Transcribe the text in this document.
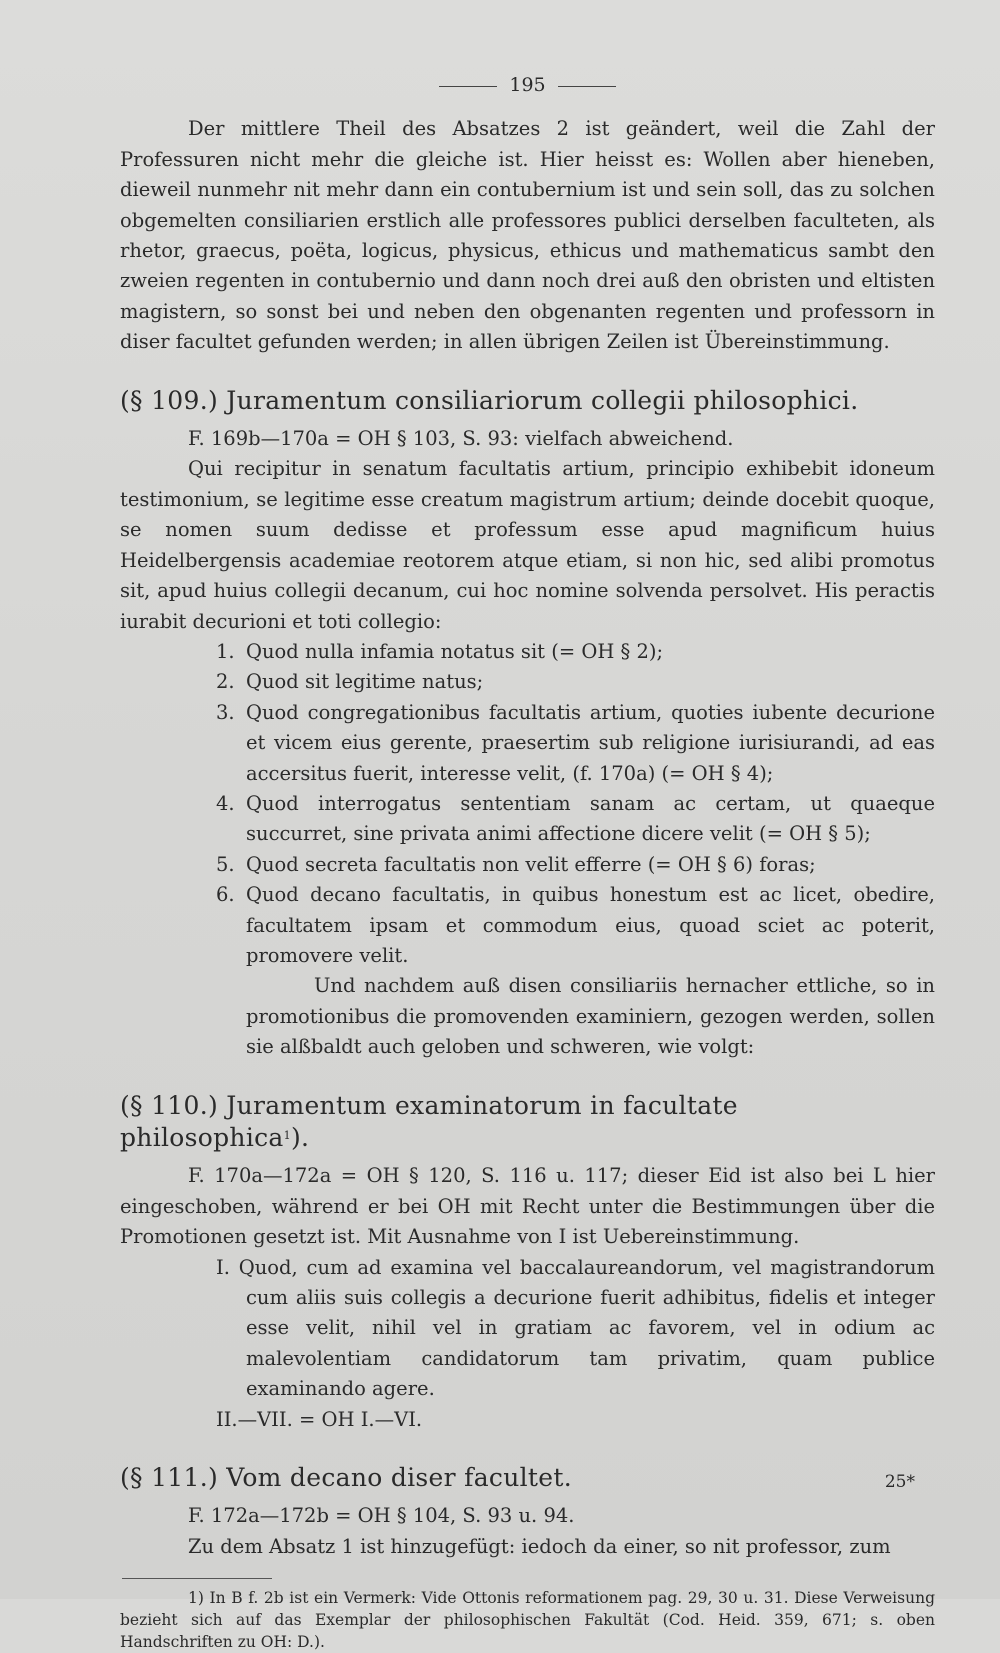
195

Der mittlere Theil des Absatzes 2 ist geändert, weil die Zahl der Professuren nicht mehr die gleiche ist. Hier heisst es: Wollen aber hieneben, dieweil nunmehr nit mehr dann ein contubernium ist und sein soll, das zu solchen obgemelten consiliarien erstlich alle professores publici derselben faculteten, als rhetor, graecus, poëta, logicus, physicus, ethicus und mathematicus sambt den zweien regenten in contubernio und dann noch drei auß den obristen und eltisten magistern, so sonst bei und neben den obgenanten regenten und professorn in diser facultet gefunden werden; in allen übrigen Zeilen ist Übereinstimmung.

(§ 109.) Juramentum consiliariorum collegii philosophici.

F. 169b—170a = OH § 103, S. 93: vielfach abweichend.

Qui recipitur in senatum facultatis artium, principio exhibebit idoneum testimonium, se legitime esse creatum magistrum artium; deinde docebit quoque, se nomen suum dedisse et professum esse apud magnificum huius Heidelbergensis academiae reotorem atque etiam, si non hic, sed alibi promotus sit, apud huius collegii decanum, cui hoc nomine solvenda persolvet. His peractis iurabit decurioni et toti collegio:

1. Quod nulla infamia notatus sit (= OH § 2);
2. Quod sit legitime natus;
3. Quod congregationibus facultatis artium, quoties iubente decurione et vicem eius gerente, praesertim sub religione iurisiurandi, ad eas accersitus fuerit, interesse velit, (f. 170a) (= OH § 4);
4. Quod interrogatus sententiam sanam ac certam, ut quaeque succurret, sine privata animi affectione dicere velit (= OH § 5);
5. Quod secreta facultatis non velit efferre (= OH § 6) foras;
6. Quod decano facultatis, in quibus honestum est ac licet, obedire, facultatem ipsam et commodum eius, quoad sciet ac poterit, promovere velit.

Und nachdem auß disen consiliariis hernacher ettliche, so in promotionibus die promovenden examiniern, gezogen werden, sollen sie alßbaldt auch geloben und schweren, wie volgt:

(§ 110.) Juramentum examinatorum in facultate philosophica$^1$).

F. 170a—172a = OH § 120, S. 116 u. 117; dieser Eid ist also bei L hier eingeschoben, während er bei OH mit Recht unter die Bestimmungen über die Promotionen gesetzt ist. Mit Ausnahme von I ist Uebereinstimmung.

I. Quod, cum ad examina vel baccalaureandorum, vel magistrandorum cum aliis suis collegis a decurione fuerit adhibitus, fidelis et integer esse velit, nihil vel in gratiam ac favorem, vel in odium ac malevolentiam candidatorum tam privatim, quam publice examinando agere.

II.—VII. = OH I.—VI.

(§ 111.) Vom decano diser facultet.

F. 172a—172b = OH § 104, S. 93 u. 94.

Zu dem Absatz 1 ist hinzugefügt: iedoch da einer, so nit professor, zum

1) In B f. 2b ist ein Vermerk: Vide Ottonis reformationem pag. 29, 30 u. 31. Diese Verweisung bezieht sich auf das Exemplar der philosophischen Fakultät (Cod. Heid. 359, 671; s. oben Handschriften zu OH: D.).

25*
